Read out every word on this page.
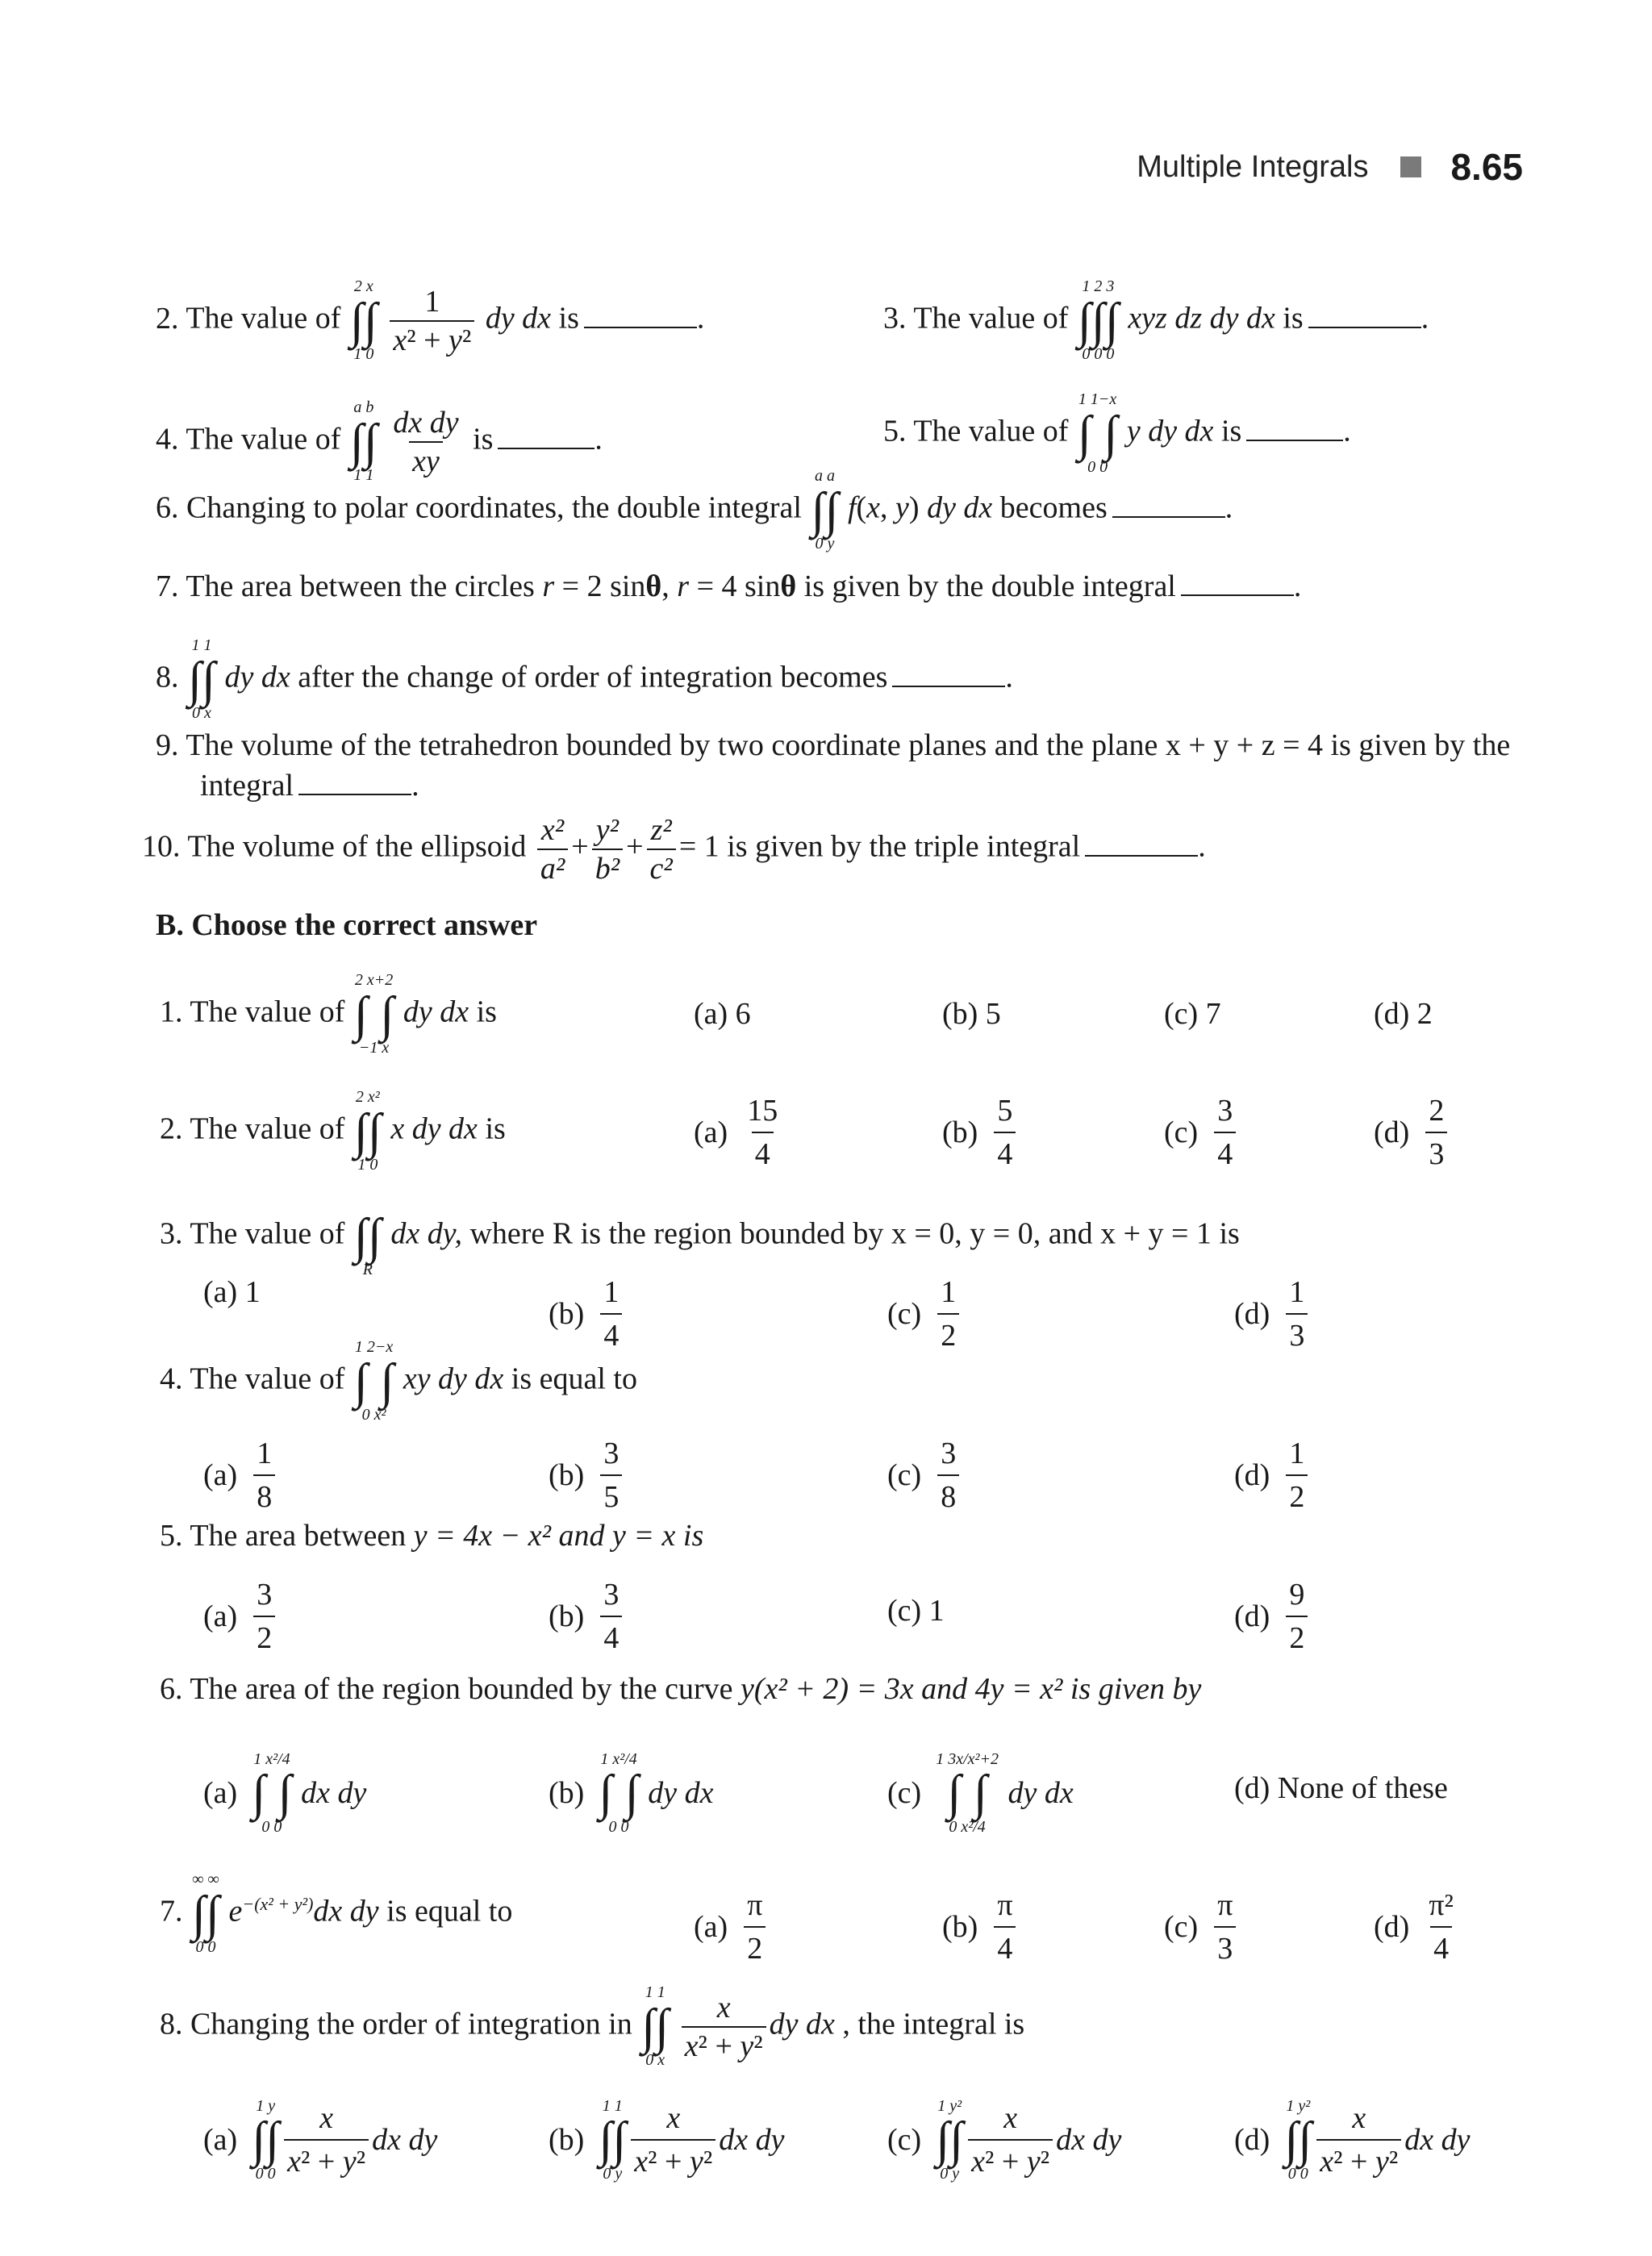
Multiple Integrals 8.65
2. The value of
2 x
∫∫
1 0
$\frac{1}{\text{x² + y²}}$ dy dx is	.	3. The value of
1 2 3
∫∫∫
0 0 0
xyz dz dy dx is	.
4. The value of
a b
∫∫
1 1
$\frac{\text{dx dy}}{xy}$ is	.	5. The value of
1 1−x
∫ ∫
0 0
y dy dx is	.
6. Changing to polar coordinates, the double integral
a a
∫∫
0 y
f(x, y) dy dx becomes	.
7. The area between the circles r = 2 sinθ, r = 4 sinθ is given by the double integral	.
8.
1 1
∫∫
0 x
dy dx after the change of order of integration becomes	.
9. The volume of the tetrahedron bounded by two coordinate planes and the plane x + y + z = 4 is given by the
integral	.
10. The volume of the ellipsoid $\frac{\text{x²}}{\text{a²}} + \frac{\text{y²}}{\text{b²}} + \frac{\text{z²}}{\text{c²}} = 1$ is given by the triple integral	.
B. Choose the correct answer
1. The value of
2 x+2
∫ ∫
−1 x
dy dx is	(a) 6	(b) 5	(c) 7	(d) 2
2. The value of
2 x²
∫∫
1 0
x dy dx is	$(a) \frac{15}{4}$	$(b) \frac{5}{4}$	$(c) \frac{3}{4}$	$(d) \frac{2}{3}$
3. The value of ∫∫
R
dx dy, where R is the region bounded by x = 0, y = 0, and x + y = 1 is
(a) 1
$(b) \frac{1}{4}$	$(c) \frac{1}{2}$	$(d) \frac{1}{3}$
4. The value of
1 2−x
∫ ∫
0 x²
xy dy dx is equal to
$(a) \frac{1}{8}$	$(b) \frac{3}{5}$	$(c) \frac{3}{8}$	$(d) \frac{1}{2}$
5. The area between y = 4x − x² and y = x is
$(a) \frac{3}{2}$	$(b) \frac{3}{4}$	(c) 1	$(d) \frac{9}{2}$
6. The area of the region bounded by the curve y(x² + 2) = 3x and 4y = x² is given by
(a)
1 x²/4
∫ ∫
0 0
dx dy	(b)
1 x²/4
∫ ∫
0 0
dy dx	(c)
1 3x/x²+2
∫ ∫
0 x²/4
dy dx	(d) None of these
7.
∞ ∞
∫∫
0 0
$e^{-(x^2 + y^2)}dx$ dy is equal to	$(a) \frac{\pi}{2}$	$(b) \frac{\pi}{4}$	$(c) \frac{\pi}{3}$	$(d) \frac{\text{π²}}{4}$
8. Changing the order of integration in
1 1
∫∫
0 x
$\frac{x}{\text{x² + y²}}$ dy dx , the integral is
(a)
1 y
∫∫
0 $0 \frac{x}{\text{x² + y²}}$ dx dy	(b)
1 1
∫∫
0 y $\frac{x}{\text{x² + y²}}$ dx dy	(c)
1 y²
∫∫
0 y $\frac{x}{\text{x² + y²}}$ dx dy	(d)
1 y²
∫∫
0 $0 \frac{x}{\text{x² + y²}}$ dx dy
